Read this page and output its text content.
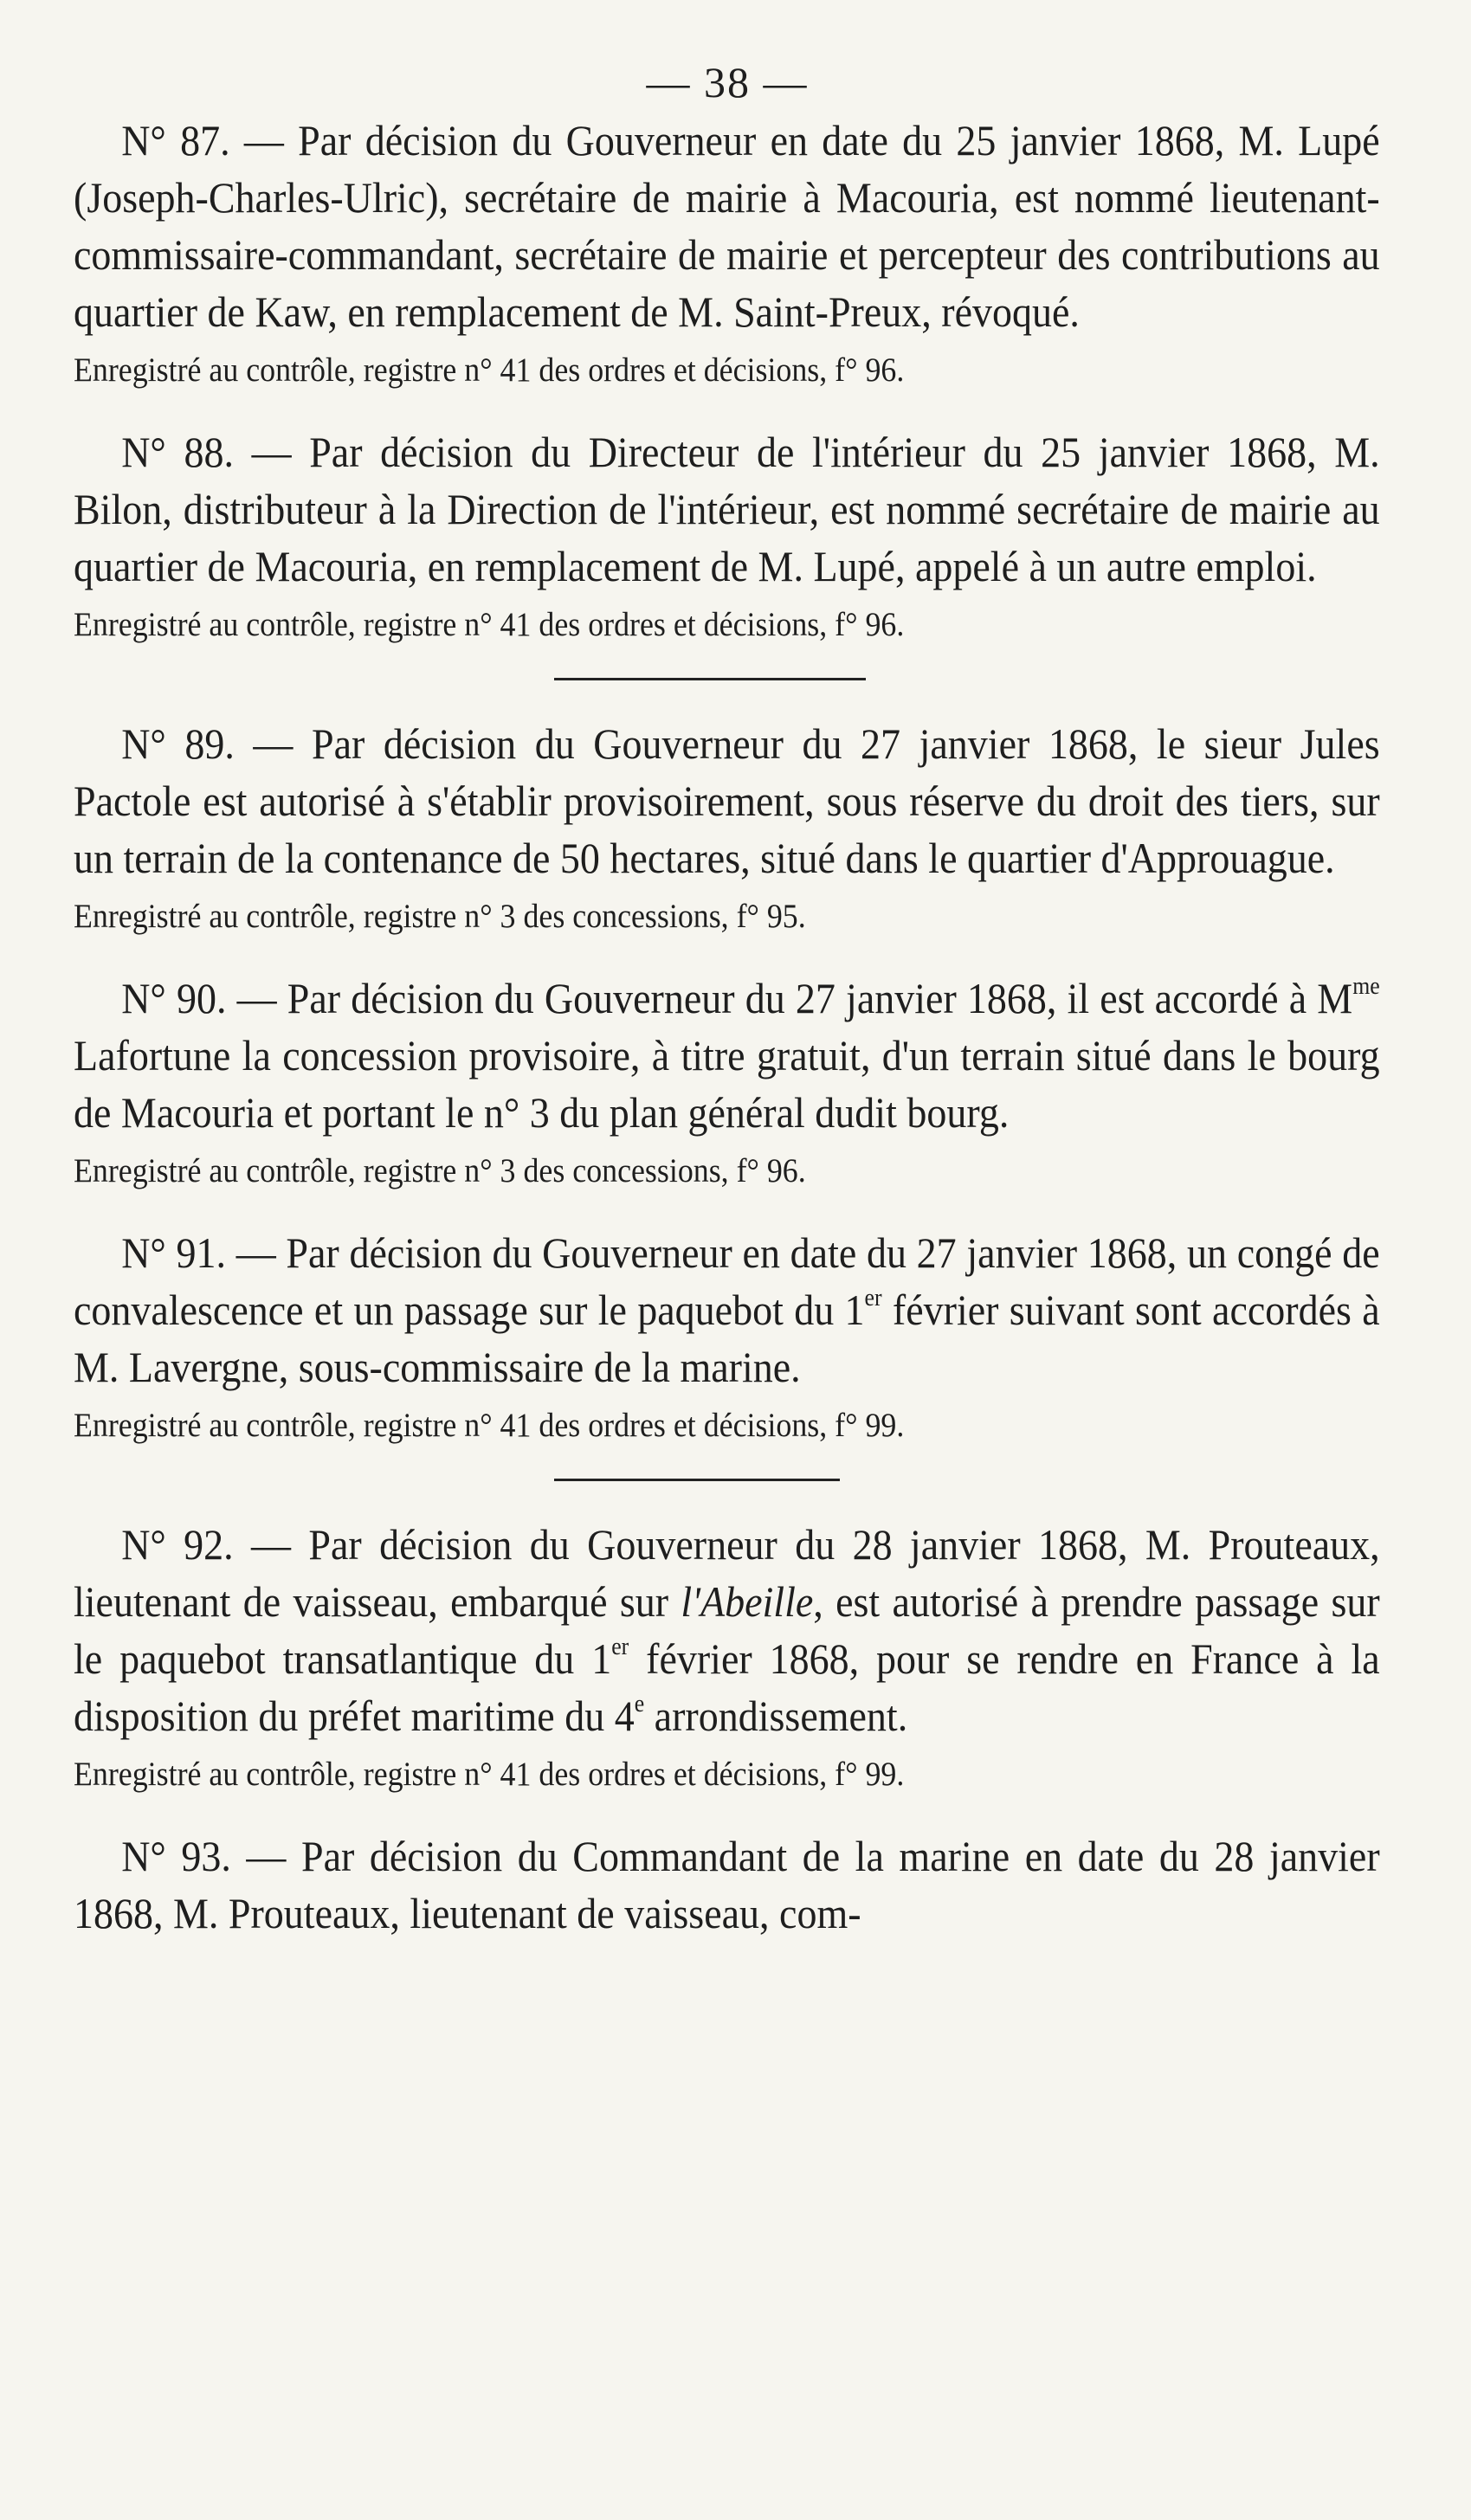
— 38 —

N° 87. — Par décision du Gouverneur en date du 25 janvier 1868, M. Lupé (Joseph-Charles-Ulric), secrétaire de mairie à Macouria, est nommé lieutenant-commissaire-commandant, secrétaire de mairie et percepteur des contributions au quartier de Kaw, en remplacement de M. Saint-Preux, révoqué.

Enregistré au contrôle, registre n° 41 des ordres et décisions, f° 96.

N° 88. — Par décision du Directeur de l'intérieur du 25 janvier 1868, M. Bilon, distributeur à la Direction de l'intérieur, est nommé secrétaire de mairie au quartier de Macouria, en remplacement de M. Lupé, appelé à un autre emploi.

Enregistré au contrôle, registre n° 41 des ordres et décisions, f° 96.

N° 89. — Par décision du Gouverneur du 27 janvier 1868, le sieur Jules Pactole est autorisé à s'établir provisoirement, sous réserve du droit des tiers, sur un terrain de la contenance de 50 hectares, situé dans le quartier d'Approuague.

Enregistré au contrôle, registre n° 3 des concessions, f° 95.

N° 90. — Par décision du Gouverneur du 27 janvier 1868, il est accordé à $M^{me}$ Lafortune la concession provisoire, à titre gratuit, d'un terrain situé dans le bourg de Macouria et portant le n° 3 du plan général dudit bourg.

Enregistré au contrôle, registre n° 3 des concessions, f° 96.

N° 91. — Par décision du Gouverneur en date du 27 janvier 1868, un congé de convalescence et un passage sur le paquebot du 1er février suivant sont accordés à M. Lavergne, sous-commissaire de la marine.

Enregistré au contrôle, registre n° 41 des ordres et décisions, f° 99.

N° 92. — Par décision du Gouverneur du 28 janvier 1868, M. Prouteaux, lieutenant de vaisseau, embarqué sur l'Abeille, est autorisé à prendre passage sur le paquebot transatlantique du 1er février 1868, pour se rendre en France à la disposition du préfet maritime du 4e arrondissement.

Enregistré au contrôle, registre n° 41 des ordres et décisions, f° 99.

N° 93. — Par décision du Commandant de la marine en date du 28 janvier 1868, M. Prouteaux, lieutenant de vaisseau, com-
